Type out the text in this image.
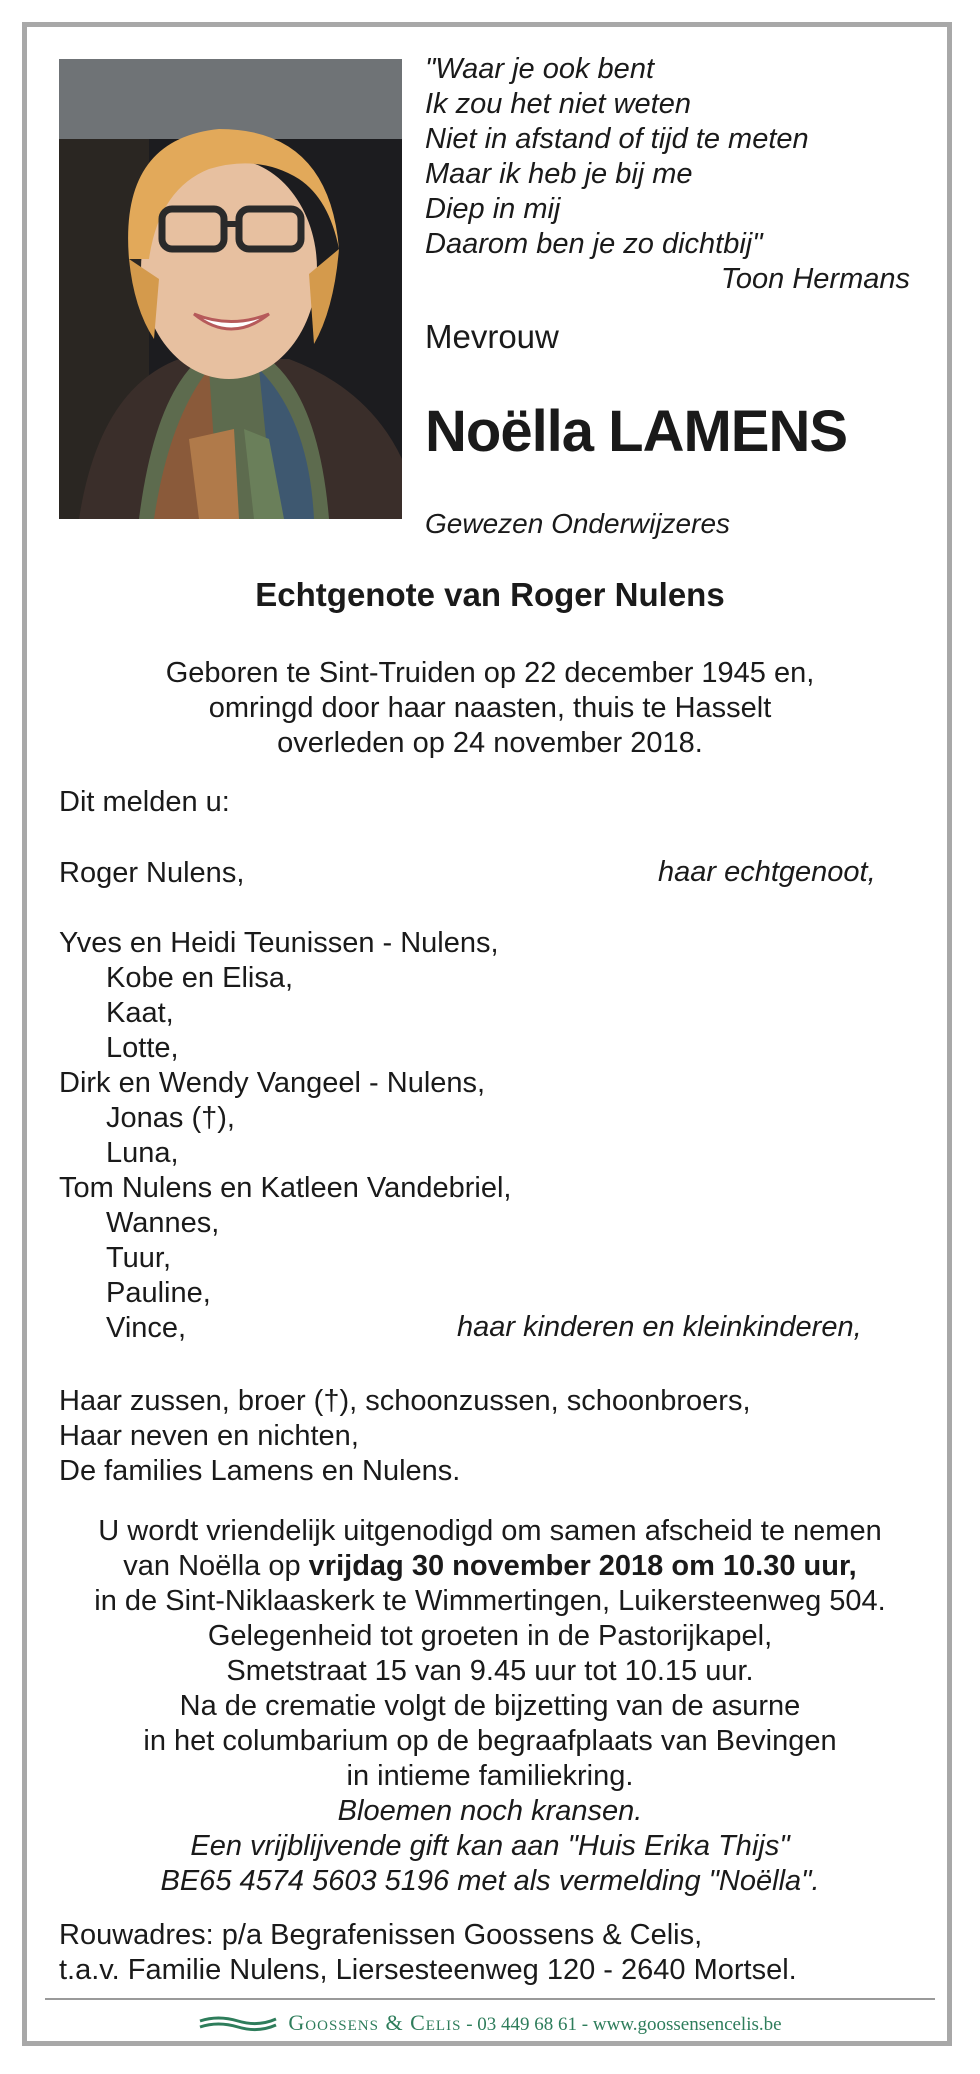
"Waar je ook bent
Ik zou het niet weten
Niet in afstand of tijd te meten
Maar ik heb je bij me
Diep in mij
Daarom ben je zo dichtbij"
Toon Hermans
Mevrouw
Noëlla LAMENS
Gewezen Onderwijzeres
Echtgenote van Roger Nulens
Geboren te Sint-Truiden op 22 december 1945 en,
omringd door haar naasten, thuis te Hasselt
overleden op 24 november 2018.
Dit melden u:
Roger Nulens,	haar echtgenoot,
Yves en Heidi Teunissen - Nulens,
Kobe en Elisa,
Kaat,
Lotte,
Dirk en Wendy Vangeel - Nulens,
Jonas (†),
Luna,
Tom Nulens en Katleen Vandebriel,
Wannes,
Tuur,
Pauline,
Vince,	haar kinderen en kleinkinderen,
Haar zussen, broer (†), schoonzussen, schoonbroers,
Haar neven en nichten,
De families Lamens en Nulens.
U wordt vriendelijk uitgenodigd om samen afscheid te nemen
van Noëlla op vrijdag 30 november 2018 om 10.30 uur,
in de Sint-Niklaaskerk te Wimmertingen, Luikersteenweg 504.
Gelegenheid tot groeten in de Pastorijkapel,
Smetstraat 15 van 9.45 uur tot 10.15 uur.
Na de crematie volgt de bijzetting van de asurne
in het columbarium op de begraafplaats van Bevingen
in intieme familiekring.
Bloemen noch kransen.
Een vrijblijvende gift kan aan "Huis Erika Thijs"
BE65 4574 5603 5196 met als vermelding "Noëlla".
Rouwadres: p/a Begrafenissen Goossens & Celis,
t.a.v. Familie Nulens, Liersesteenweg 120 - 2640 Mortsel.
Goossens & Celis - 03 449 68 61 - www.goossensencelis.be
